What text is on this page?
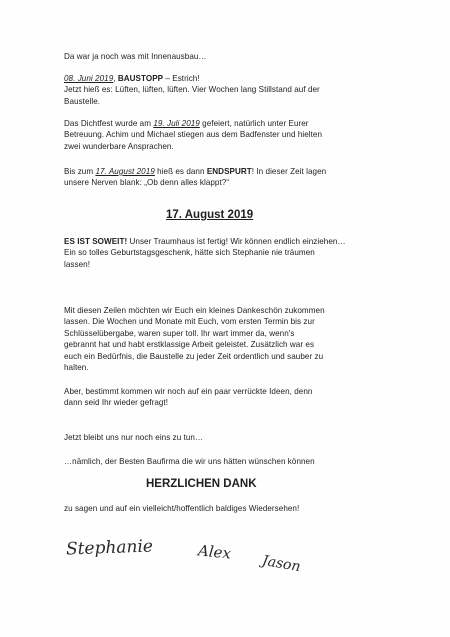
Da war ja noch was mit Innenausbau…
08. Juni 2019, BAUSTOPP – Estrich!
Jetzt hieß es: Lüften, lüften, lüften. Vier Wochen lang Stillstand auf der
Baustelle.
Das Dichtfest wurde am 19. Juli 2019 gefeiert, natürlich unter Eurer
Betreuung. Achim und Michael stiegen aus dem Badfenster und hielten
zwei wunderbare Ansprachen.
Bis zum 17. August 2019 hieß es dann ENDSPURT! In dieser Zeit lagen
unsere Nerven blank: „Ob denn alles klappt?“
17. August 2019
ES IST SOWEIT! Unser Traumhaus ist fertig! Wir können endlich einziehen…
Ein so tolles Geburtstagsgeschenk, hätte sich Stephanie nie träumen
lassen!
Mit diesen Zeilen möchten wir Euch ein kleines Dankeschön zukommen
lassen. Die Wochen und Monate mit Euch, vom ersten Termin bis zur
Schlüsselübergabe, waren super toll. Ihr wart immer da, wenn's
gebrannt hat und habt erstklassige Arbeit geleistet. Zusätzlich war es
euch ein Bedürfnis, die Baustelle zu jeder Zeit ordentlich und sauber zu
halten.
Aber, bestimmt kommen wir noch auf ein paar verrückte Ideen, denn
dann seid Ihr wieder gefragt!
Jetzt bleibt uns nur noch eins zu tun…
…nämlich, der Besten Baufirma die wir uns hätten wünschen können
HERZLICHEN DANK
zu sagen und auf ein vielleicht/hoffentlich baldiges Wiedersehen!
Stephanie	Alex
Jason
